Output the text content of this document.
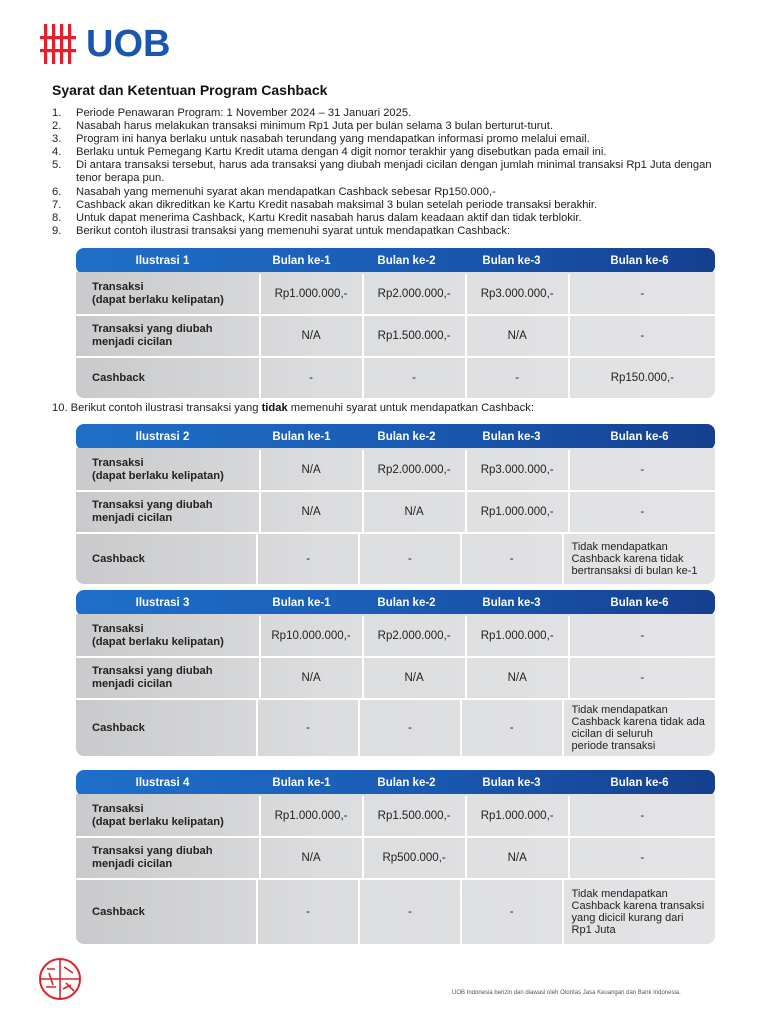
UOB
Syarat dan Ketentuan Program Cashback
1.	Periode Penawaran Program: 1 November 2024 – 31 Januari 2025.
2.	Nasabah harus melakukan transaksi minimum Rp1 Juta per bulan selama 3 bulan berturut-turut.
3.	Program ini hanya berlaku untuk nasabah terundang yang mendapatkan informasi promo melalui email.
4.	Berlaku untuk Pemegang Kartu Kredit utama dengan 4 digit nomor terakhir yang disebutkan pada email ini.
5.	Di antara transaksi tersebut, harus ada transaksi yang diubah menjadi cicilan dengan jumlah minimal transaksi Rp1 Juta dengan tenor berapa pun.
6.	Nasabah yang memenuhi syarat akan mendapatkan Cashback sebesar Rp150.000,-
7.	Cashback akan dikreditkan ke Kartu Kredit nasabah maksimal 3 bulan setelah periode transaksi berakhir.
8.	Untuk dapat menerima Cashback, Kartu Kredit nasabah harus dalam keadaan aktif dan tidak terblokir.
9.	Berikut contoh ilustrasi transaksi yang memenuhi syarat untuk mendapatkan Cashback:
10. Berikut contoh ilustrasi transaksi yang tidak memenuhi syarat untuk mendapatkan Cashback:
Ilustrasi 1	Bulan ke-1	Bulan ke-2	Bulan ke-3	Bulan ke-6
Transaksi
(dapat berlaku kelipatan)	Rp1.000.000,-	Rp2.000.000,-	Rp3.000.000,-	-
Transaksi yang diubah
menjadi cicilan	N/A	Rp1.500.000,-	N/A	-
Cashback	-	-	-	Rp150.000,-
Ilustrasi 2	Bulan ke-1	Bulan ke-2	Bulan ke-3	Bulan ke-6
Transaksi
(dapat berlaku kelipatan)	N/A	Rp2.000.000,-	Rp3.000.000,-	-
Transaksi yang diubah
menjadi cicilan	N/A	N/A	Rp1.000.000,-	-
Cashback	-	-	-
Tidak mendapatkan
Cashback karena tidak
bertransaksi di bulan ke-1
Ilustrasi 3	Bulan ke-1	Bulan ke-2	Bulan ke-3	Bulan ke-6
Transaksi
(dapat berlaku kelipatan)	Rp10.000.000,- Rp2.000.000,-	Rp1.000.000,-	-
Transaksi yang diubah
menjadi cicilan	N/A	N/A	N/A	-
Cashback	-	-	-
Tidak mendapatkan
Cashback karena tidak ada
cicilan di seluruh
periode transaksi
Ilustrasi 4	Bulan ke-1	Bulan ke-2	Bulan ke-3	Bulan ke-6
Transaksi
(dapat berlaku kelipatan)	Rp1.000.000,-	Rp1.500.000,-	Rp1.000.000,-	-
Transaksi yang diubah
menjadi cicilan	N/A	Rp500.000,-	N/A	-
Cashback	-	-	-
Tidak mendapatkan
Cashback karena transaksi
yang dicicil kurang dari
Rp1 Juta
UOB Indonesia berizin dan diawasi oleh Otoritas Jasa Keuangan dan Bank Indonesia.
